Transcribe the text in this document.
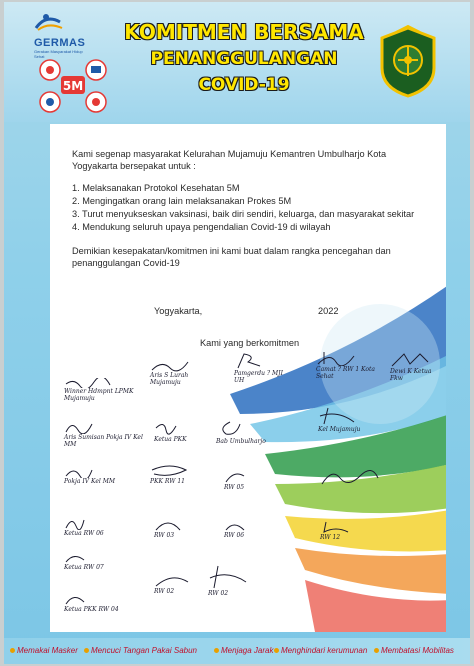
GERMAS
Gerakan Masyarakat Hidup Sehat
5M
KOMITMEN BERSAMA
PENANGGULANGAN
COVID-19

Kami segenap masyarakat Kelurahan Mujamuju Kemantren Umbulharjo Kota Yogyakarta bersepakat untuk :

1. Melaksanakan Protokol Kesehatan 5M
2. Mengingatkan orang lain melaksanakan Prokes 5M
3. Turut menyukseskan vaksinasi, baik diri sendiri, keluarga, dan masyarakat sekitar
4. Mendukung seluruh upaya pengendalian Covid-19 di wilayah

Demikian kesepakatan/komitmen ini kami buat dalam rangka pencegahan dan penanggulangan Covid-19

Yogyakarta,	2022
Kami yang berkomitmen
Winner Hdmpnt LPMK Mujamuju
Aris S Lurah Mujamuju
Pamgerdu ? MJI UH
Camat ? RW 1 Kota Sehat
Dewi K Ketua Fkw
Aris Sumisan Pokja IV Kel MM
Ketua PKK	Bab Umbulharjo
Kel Mujamuju
Pokja IV Kel MM	PKK RW 11
RW 05
Ketua RW 06	RW 03	RW 06	RW 12
Ketua RW 07
RW 02
Ketua PKK RW 04
RW 02
Memakai Masker	Mencuci Tangan Pakai Sabun	Menjaga Jarak Menghindari kerumunan	Membatasi Mobilitas
